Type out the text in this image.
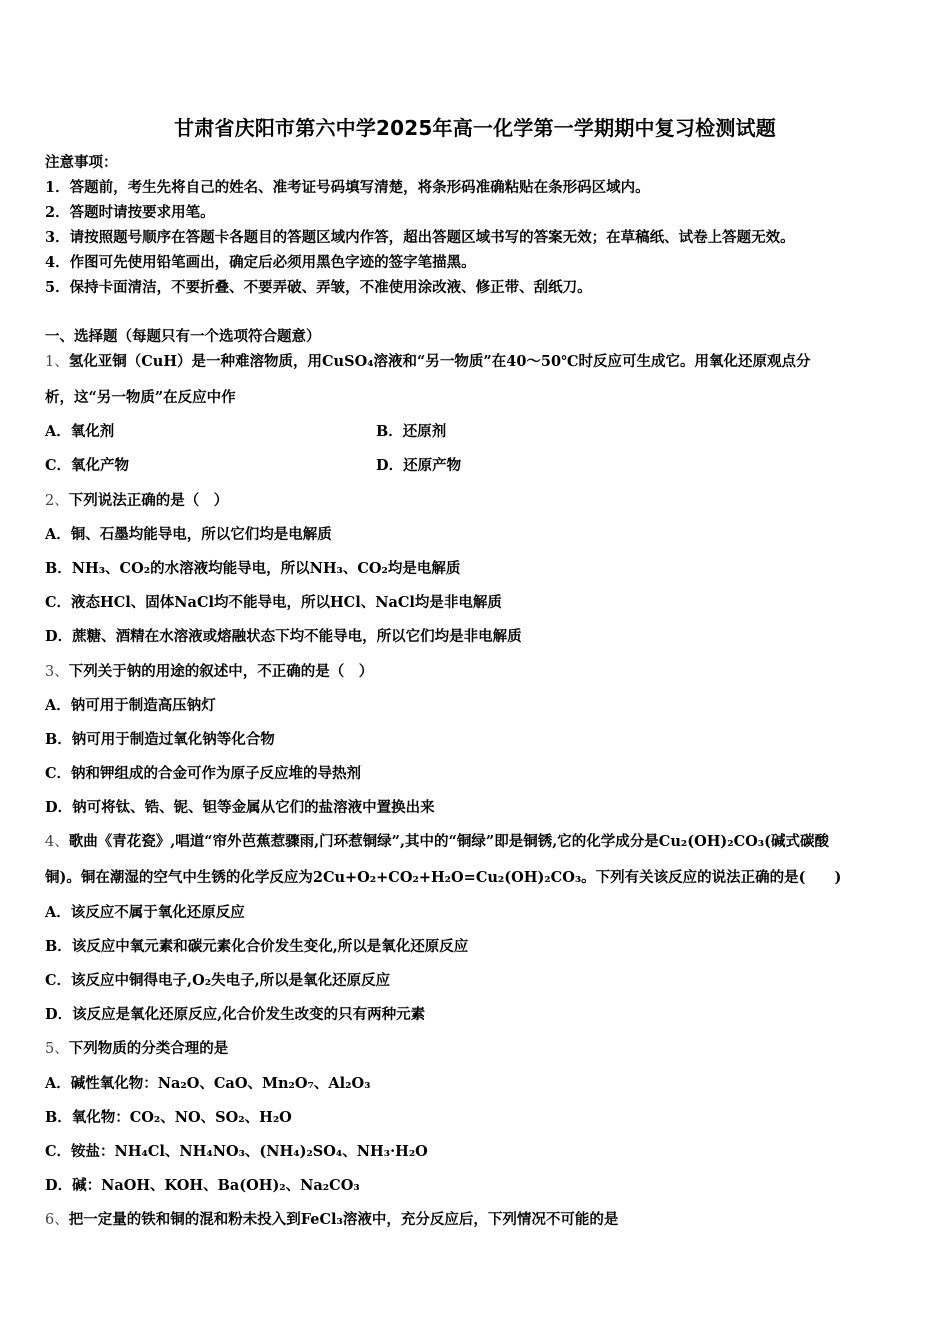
甘肃省庆阳市第六中学2025年高一化学第一学期期中复习检测试题
注意事项：
1．答题前，考生先将自己的姓名、准考证号码填写清楚，将条形码准确粘贴在条形码区域内。
2．答题时请按要求用笔。
3．请按照题号顺序在答题卡各题目的答题区域内作答，超出答题区域书写的答案无效；在草稿纸、试卷上答题无效。
4．作图可先使用铅笔画出，确定后必须用黑色字迹的签字笔描黑。
5．保持卡面清洁，不要折叠、不要弄破、弄皱，不准使用涂改液、修正带、刮纸刀。
一、选择题（每题只有一个选项符合题意）
1、氢化亚铜（CuH）是一种难溶物质，用CuSO₄溶液和“另一物质”在40～50℃时反应可生成它。用氧化还原观点分
析，这“另一物质”在反应中作
A．氧化剂	B．还原剂
C．氧化产物	D．还原产物
2、下列说法正确的是（　）
A．铜、石墨均能导电，所以它们均是电解质
B．NH₃、CO₂的水溶液均能导电，所以NH₃、CO₂均是电解质
C．液态HCl、固体NaCl均不能导电，所以HCl、NaCl均是非电解质
D．蔗糖、酒精在水溶液或熔融状态下均不能导电，所以它们均是非电解质
3、下列关于钠的用途的叙述中，不正确的是（　）
A．钠可用于制造高压钠灯
B．钠可用于制造过氧化钠等化合物
C．钠和钾组成的合金可作为原子反应堆的导热剂
D．钠可将钛、锆、铌、钽等金属从它们的盐溶液中置换出来
4、歌曲《青花瓷》,唱道“帘外芭蕉惹骤雨,门环惹铜绿”,其中的“铜绿”即是铜锈,它的化学成分是Cu₂(OH)₂CO₃(碱式碳酸
铜)。铜在潮湿的空气中生锈的化学反应为2Cu+O₂+CO₂+H₂O=Cu₂(OH)₂CO₃。下列有关该反应的说法正确的是(　　)
A．该反应不属于氧化还原反应
B．该反应中氧元素和碳元素化合价发生变化,所以是氧化还原反应
C．该反应中铜得电子,O₂失电子,所以是氧化还原反应
D．该反应是氧化还原反应,化合价发生改变的只有两种元素
5、下列物质的分类合理的是
A．碱性氧化物：Na₂O、CaO、Mn₂O₇、Al₂O₃
B．氧化物：CO₂、NO、SO₂、H₂O
C．铵盐：NH₄Cl、NH₄NO₃、(NH₄)₂SO₄、NH₃·H₂O
D．碱：NaOH、KOH、Ba(OH)₂、Na₂CO₃
6、把一定量的铁和铜的混和粉未投入到FeCl₃溶液中，充分反应后，下列情况不可能的是
